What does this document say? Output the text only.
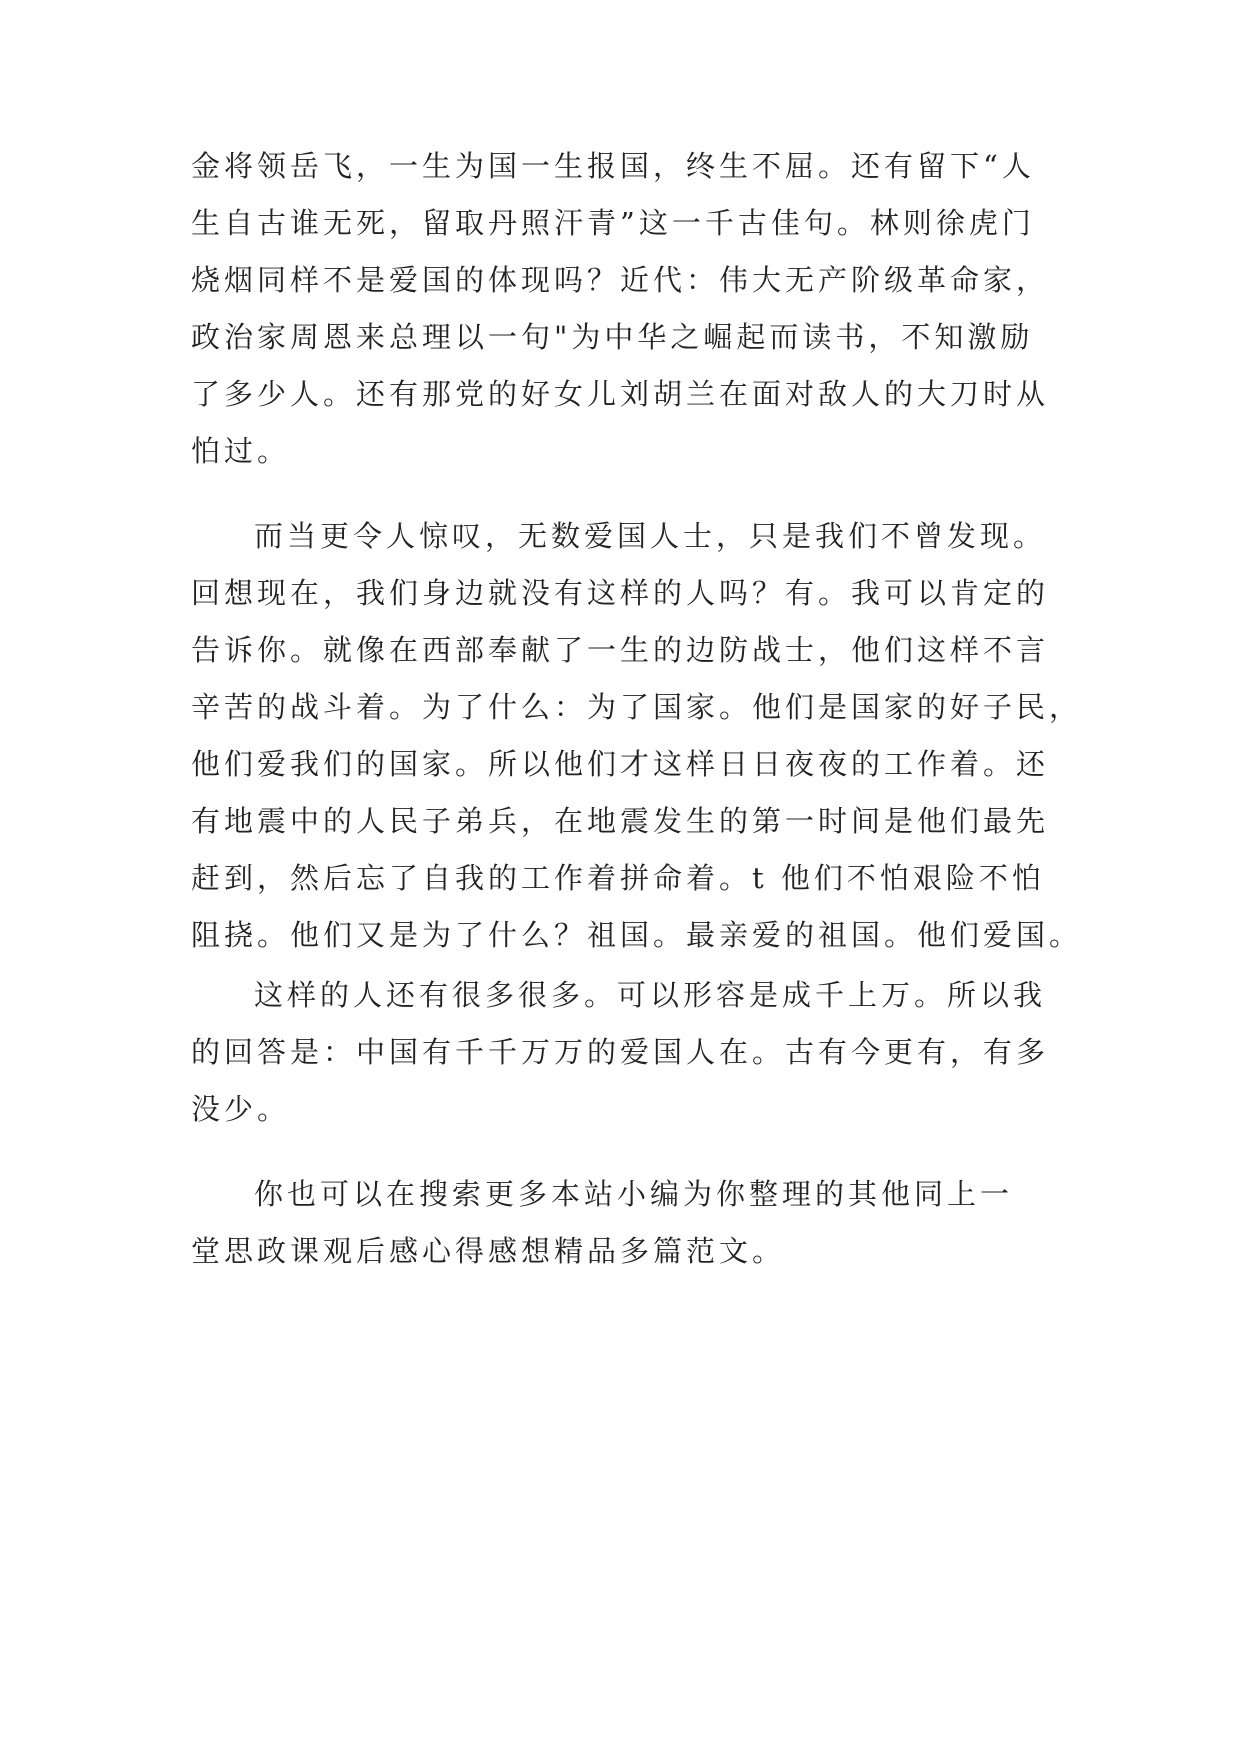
金将领岳飞，一生为国一生报国，终生不屈。还有留下“人
生自古谁无死，留取丹照汗青”这一千古佳句。林则徐虎门
烧烟同样不是爱国的体现吗？近代：伟大无产阶级革命家，
政治家周恩来总理以一句"为中华之崛起而读书，不知激励
了多少人。还有那党的好女儿刘胡兰在面对敌人的大刀时从
怕过。
而当更令人惊叹，无数爱国人士，只是我们不曾发现。
回想现在，我们身边就没有这样的人吗？有。我可以肯定的
告诉你。就像在西部奉献了一生的边防战士，他们这样不言
辛苦的战斗着。为了什么：为了国家。他们是国家的好子民，
他们爱我们的国家。所以他们才这样日日夜夜的工作着。还
有地震中的人民子弟兵，在地震发生的第一时间是他们最先
赶到，然后忘了自我的工作着拼命着。t 他们不怕艰险不怕
阻挠。他们又是为了什么？祖国。最亲爱的祖国。他们爱国。
这样的人还有很多很多。可以形容是成千上万。所以我
的回答是：中国有千千万万的爱国人在。古有今更有，有多
没少。
你也可以在搜索更多本站小编为你整理的其他同上一
堂思政课观后感心得感想精品多篇范文。
